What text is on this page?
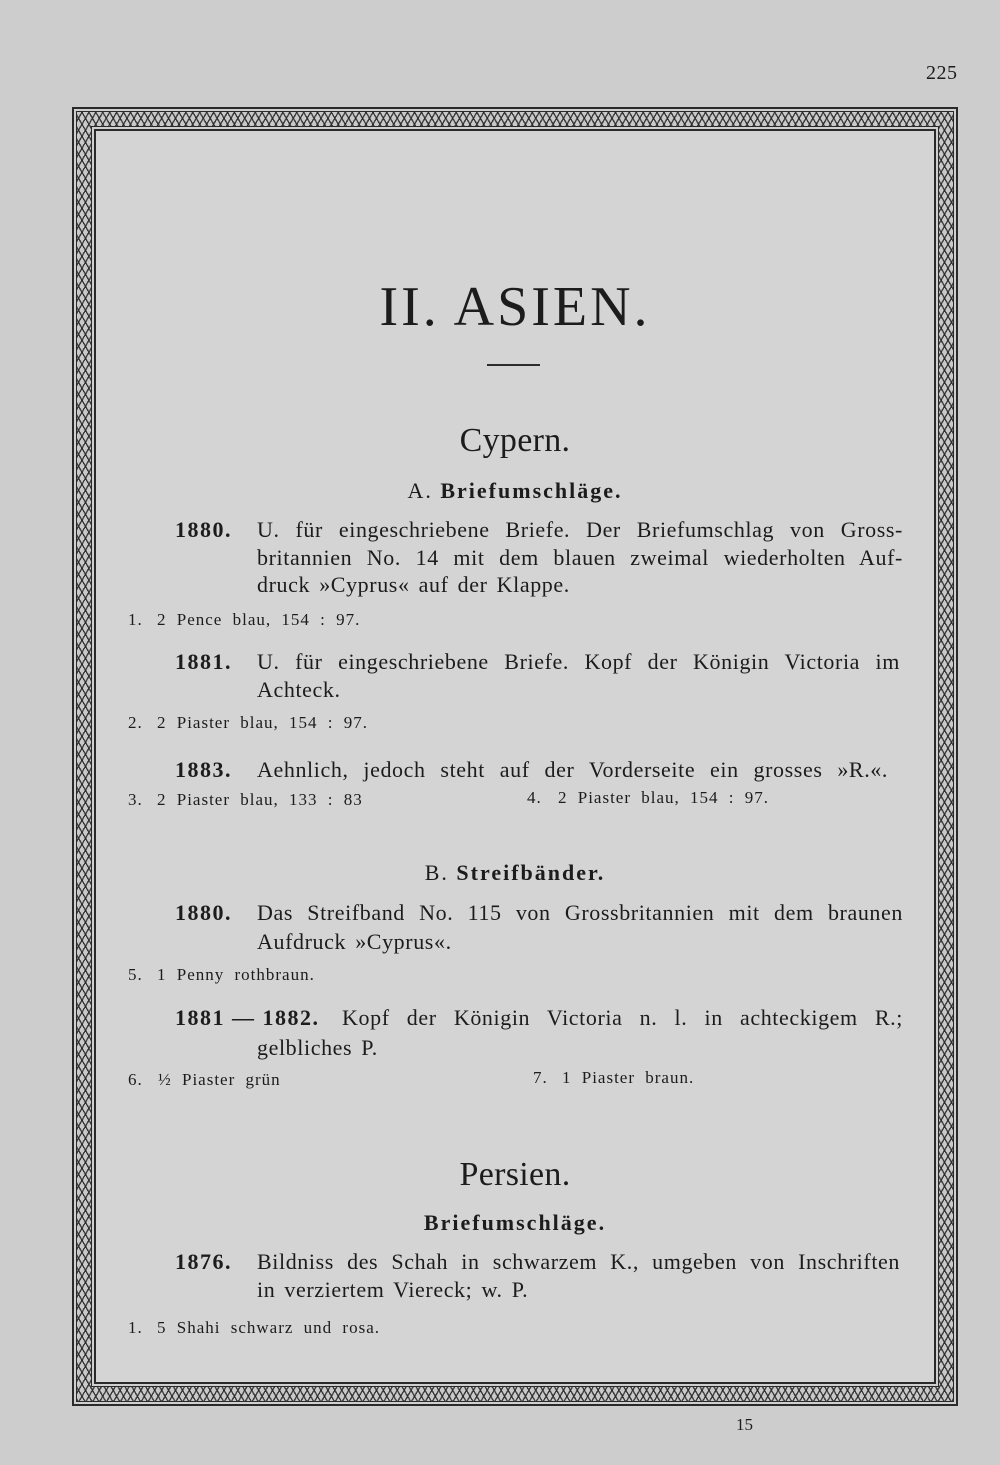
225
II. ASIEN.
Cypern.
A. Briefumschläge.
1880. U. für eingeschriebene Briefe. Der Briefumschlag von Gross-
britannien No. 14 mit dem blauen zweimal wiederholten Auf-
druck »Cyprus« auf der Klappe.
1. 2 Pence blau, 154 : 97.
1881. U. für eingeschriebene Briefe. Kopf der Königin Victoria im
Achteck.
2. 2 Piaster blau, 154 : 97.
1883. Aehnlich, jedoch steht auf der Vorderseite ein grosses »R.«.
3. 2 Piaster blau, 133 : 83	4. 2 Piaster blau, 154 : 97.
B. Streifbänder.
1880. Das Streifband No. 115 von Grossbritannien mit dem braunen
Aufdruck »Cyprus«.
5. 1 Penny rothbraun.
1881 — 1882. Kopf der Königin Victoria n. l. in achteckigem R.;
gelbliches P.
6. ½ Piaster grün	7. 1 Piaster braun.
Persien.
Briefumschläge.
1876. Bildniss des Schah in schwarzem K., umgeben von Inschriften
in verziertem Viereck; w. P.
1. 5 Shahi schwarz und rosa.
15
